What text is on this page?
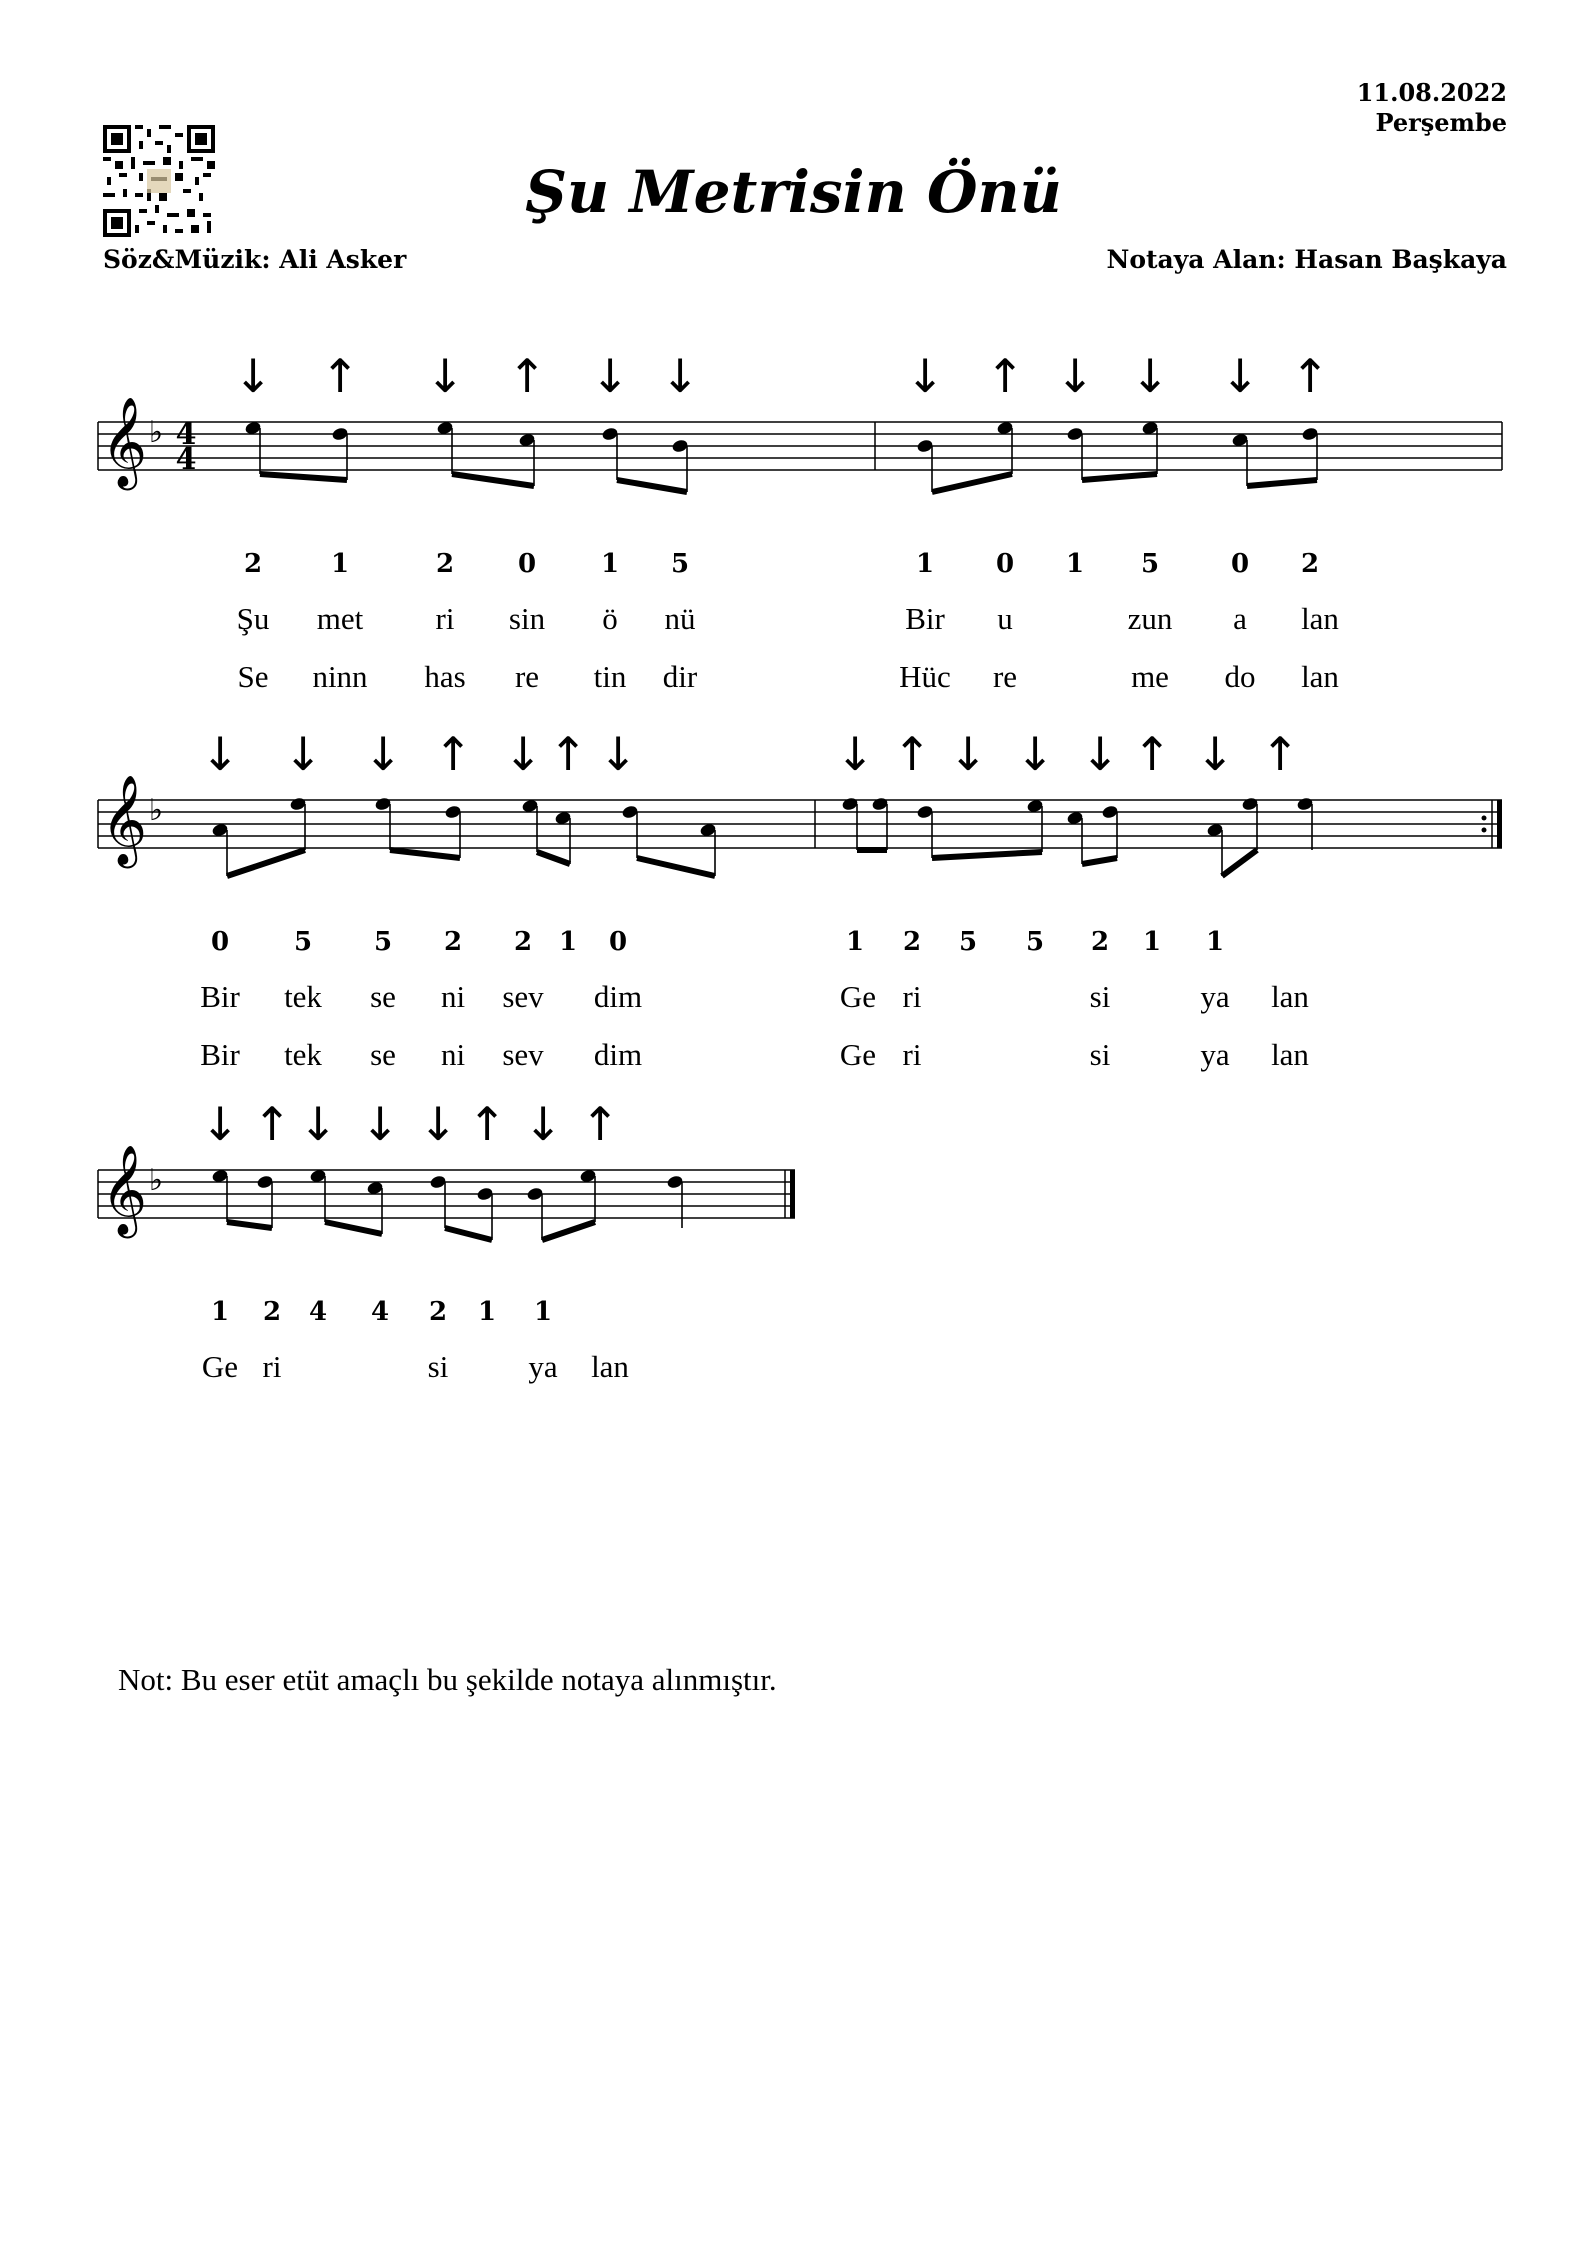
11.08.2022
Perşembe
Şu Metrisin Önü
Söz&Müzik: Ali Asker	Notaya Alan: Hasan Başkaya
𝄞 ♭
𝄞 ♭
𝄞 ♭
4
4
↓ ↑ ↓ ↑ ↓ ↓	↓ ↑ ↓ ↓ ↓ ↑
2	1	2 0 1 5	1 0 1 5	0 2
Şu met ri sin ö nü	Bir u	zun a lan
Se ninn has re tin dir	Hüc re	me do lan
↓ ↓ ↓ ↑ ↓ ↑ ↓	↓ ↑ ↓ ↓ ↓ ↑ ↓ ↑
0 5 5 2 2 1 0	1 2 5 5 2 1 1
Bir tek se ni sev dim	Ge ri	si	ya lan
Bir tek se ni sev dim	Ge ri	si	ya lan
↓ ↑ ↓ ↓ ↓ ↑ ↓ ↑
1 2 4 4 2 1 1
Ge ri	si	ya lan
Not: Bu eser etüt amaçlı bu şekilde notaya alınmıştır.
